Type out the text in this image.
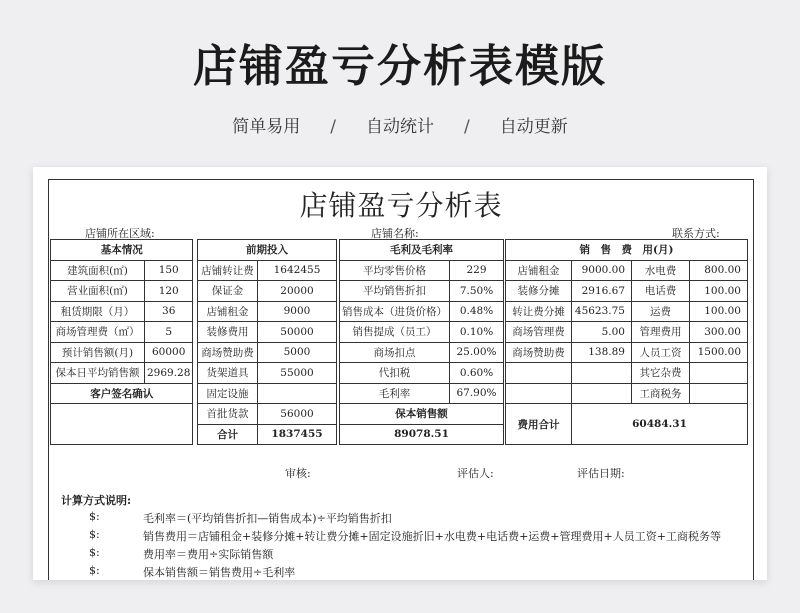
店铺盈亏分析表模版
简单易用 / 自动统计 / 自动更新
店铺盈亏分析表
店铺所在区域:	店铺名称:	联系方式:
基本情况	
建筑面积(㎡)	150
营业面积(㎡)	120
租赁期限（月）	36
商场管理费（㎡）	5
预计销售额(月)	60000
保本日平均销售额	2969.28
客户签名确认	

前期投入	
店铺转让费	1642455
保证金	20000
店铺租金	9000
装修费用	50000
商场赞助费	5000
货架道具	55000
固定设施	
首批货款	56000
合计	1837455
毛利及毛利率	
平均零售价格	229
平均销售折扣	7.50%
销售成本（进货价格）	0.48%
销售提成（员工）	0.10%
商场扣点	25.00%
代扣税	0.60%
毛利率	67.90%
保本销售额	
89078.51	
销　售　费　用(月)			
店铺租金	9000.00	水电费	800.00
装修分摊	2916.67	电话费	100.00
转让费分摊	45623.75	运费	100.00
商场管理费	5.00	管理费用	300.00
商场赞助费	138.89	人员工资	1500.00
		其它杂费	
		工商税务	
费用合计	60484.31		
审核:	评估人:	评估日期:
计算方式说明:
$:	毛利率＝(平均销售折扣—销售成本)÷平均销售折扣
$:	销售费用＝店铺租金+装修分摊+转让费分摊+固定设施折旧+水电费+电话费+运费+管理费用+人员工资+工商税务等
$:	费用率＝费用÷实际销售额
$:	保本销售额＝销售费用÷毛利率
